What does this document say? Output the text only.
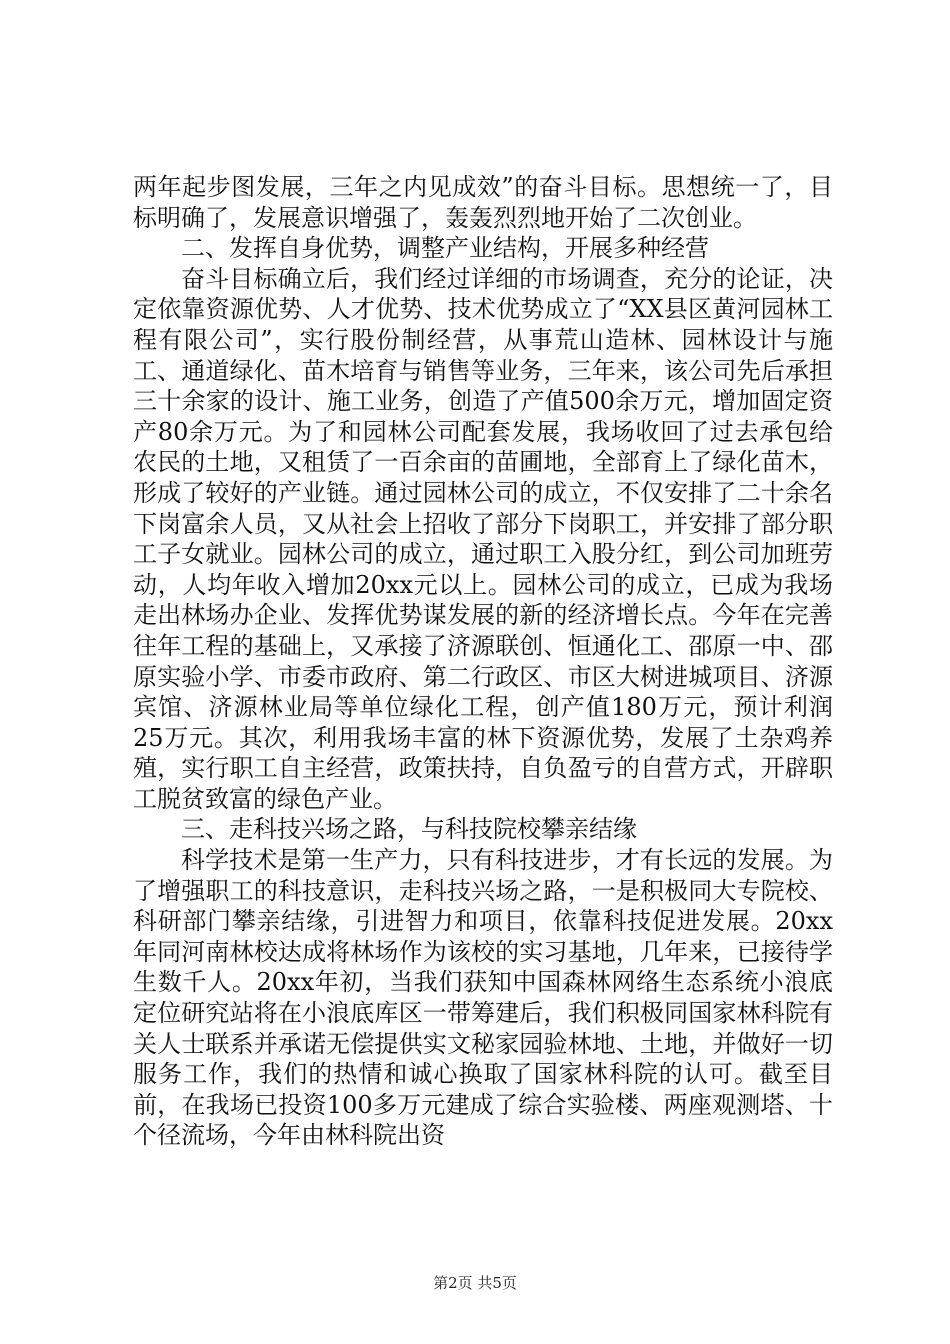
两年起步图发展，三年之内见成效”的奋斗目标。思想统一了，目标明确了，发展意识增强了，轰轰烈烈地开始了二次创业。

二、发挥自身优势，调整产业结构，开展多种经营

奋斗目标确立后，我们经过详细的市场调查，充分的论证，决定依靠资源优势、人才优势、技术优势成立了“XX县区黄河园林工程有限公司”，实行股份制经营，从事荒山造林、园林设计与施工、通道绿化、苗木培育与销售等业务，三年来，该公司先后承担三十余家的设计、施工业务，创造了产值500余万元，增加固定资产80余万元。为了和园林公司配套发展，我场收回了过去承包给农民的土地，又租赁了一百余亩的苗圃地，全部育上了绿化苗木，形成了较好的产业链。通过园林公司的成立，不仅安排了二十余名下岗富余人员，又从社会上招收了部分下岗职工，并安排了部分职工子女就业。园林公司的成立，通过职工入股分红，到公司加班劳动，人均年收入增加20xx元以上。园林公司的成立，已成为我场走出林场办企业、发挥优势谋发展的新的经济增长点。今年在完善往年工程的基础上，又承接了济源联创、恒通化工、邵原一中、邵原实验小学、市委市政府、第二行政区、市区大树进城项目、济源宾馆、济源林业局等单位绿化工程，创产值180万元，预计利润25万元。其次，利用我场丰富的林下资源优势，发展了土杂鸡养殖，实行职工自主经营，政策扶持，自负盈亏的自营方式，开辟职工脱贫致富的绿色产业。

三、走科技兴场之路，与科技院校攀亲结缘

科学技术是第一生产力，只有科技进步，才有长远的发展。为了增强职工的科技意识，走科技兴场之路，一是积极同大专院校、科研部门攀亲结缘，引进智力和项目，依靠科技促进发展。20xx年同河南林校达成将林场作为该校的实习基地，几年来，已接待学生数千人。20xx年初，当我们获知中国森林网络生态系统小浪底定位研究站将在小浪底库区一带筹建后，我们积极同国家林科院有关人士联系并承诺无偿提供实文秘家园验林地、土地，并做好一切服务工作，我们的热情和诚心换取了国家林科院的认可。截至目前，在我场已投资100多万元建成了综合实验楼、两座观测塔、十个径流场，今年由林科院出资

第2页 共5页
